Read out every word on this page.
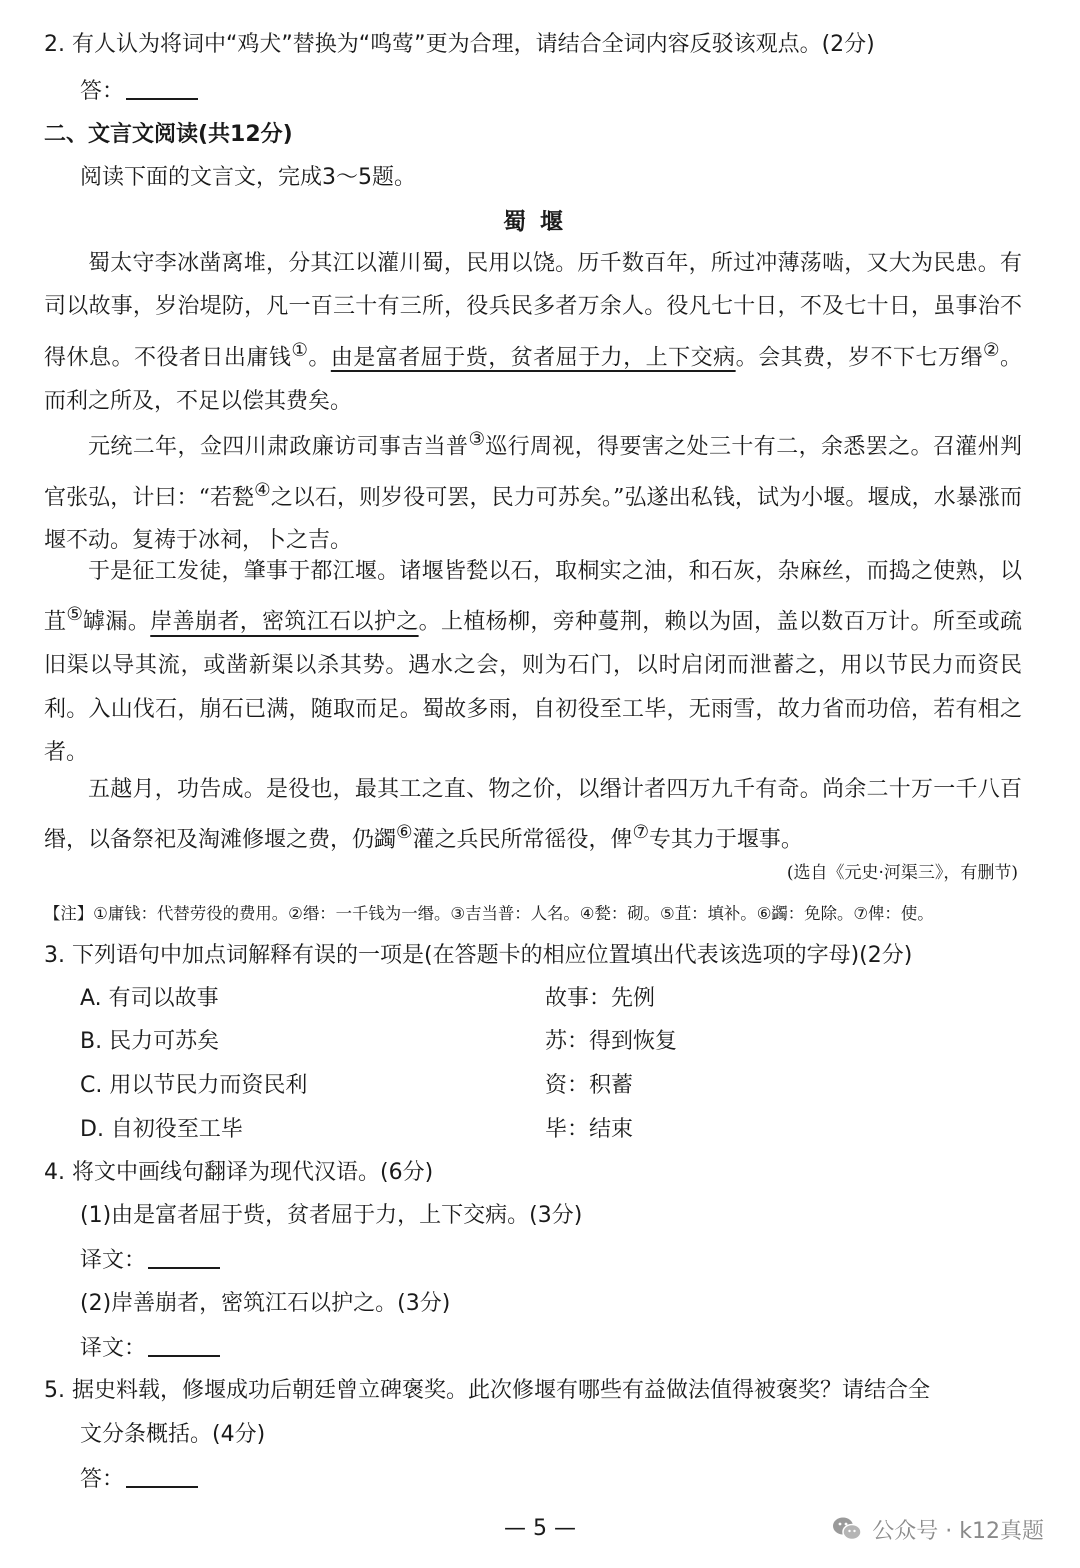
2. 有人认为将词中“鸡犬”替换为“鸣莺”更为合理，请结合全词内容反驳该观点。(2分)
答：
二、文言文阅读(共12分)
阅读下面的文言文，完成3～5题。
蜀堰
蜀太守李冰凿离堆，分其江以灌川蜀，民用以饶。历千数百年，所过冲薄荡啮，又大为民患。有司以故事，岁治堤防，凡一百三十有三所，役兵民多者万余人。役凡七十日，不及七十日，虽事治不得休息。不役者日出庸钱①。由是富者屈于赀，贫者屈于力，上下交病。会其费，岁不下七万缗②。而利之所及，不足以偿其费矣。
元统二年，佥四川肃政廉访司事吉当普③巡行周视，得要害之处三十有二，余悉罢之。召灌州判官张弘，计曰：“若甃④之以石，则岁役可罢，民力可苏矣。”弘遂出私钱，试为小堰。堰成，水暴涨而堰不动。复祷于冰祠，卜之吉。
于是征工发徒，肇事于都江堰。诸堰皆甃以石，取桐实之油，和石灰，杂麻丝，而捣之使熟，以苴⑤罅漏。岸善崩者，密筑江石以护之。上植杨柳，旁种蔓荆，赖以为固，盖以数百万计。所至或疏旧渠以导其流，或凿新渠以杀其势。遇水之会，则为石门，以时启闭而泄蓄之，用以节民力而资民利。入山伐石，崩石已满，随取而足。蜀故多雨，自初役至工毕，无雨雪，故力省而功倍，若有相之者。
五越月，功告成。是役也，最其工之直、物之价，以缗计者四万九千有奇。尚余二十万一千八百缗，以备祭祀及淘滩修堰之费，仍蠲⑥灌之兵民所常徭役，俾⑦专其力于堰事。
(选自《元史·河渠三》，有删节)
【注】①庸钱：代替劳役的费用。②缗：一千钱为一缗。③吉当普：人名。④甃：砌。⑤苴：填补。⑥蠲：免除。⑦俾：使。
3. 下列语句中加点词解释有误的一项是(在答题卡的相应位置填出代表该选项的字母)(2分)
A. 有司以故事	故事：先例
B. 民力可苏矣	苏：得到恢复
C. 用以节民力而资民利	资：积蓄
D. 自初役至工毕	毕：结束
4. 将文中画线句翻译为现代汉语。(6分)
(1)由是富者屈于赀，贫者屈于力，上下交病。(3分)
译文：
(2)岸善崩者，密筑江石以护之。(3分)
译文：
5. 据史料载，修堰成功后朝廷曾立碑褒奖。此次修堰有哪些有益做法值得被褒奖？请结合全
文分条概括。(4分)
答：
— 5 —	公众号 · k12真题
